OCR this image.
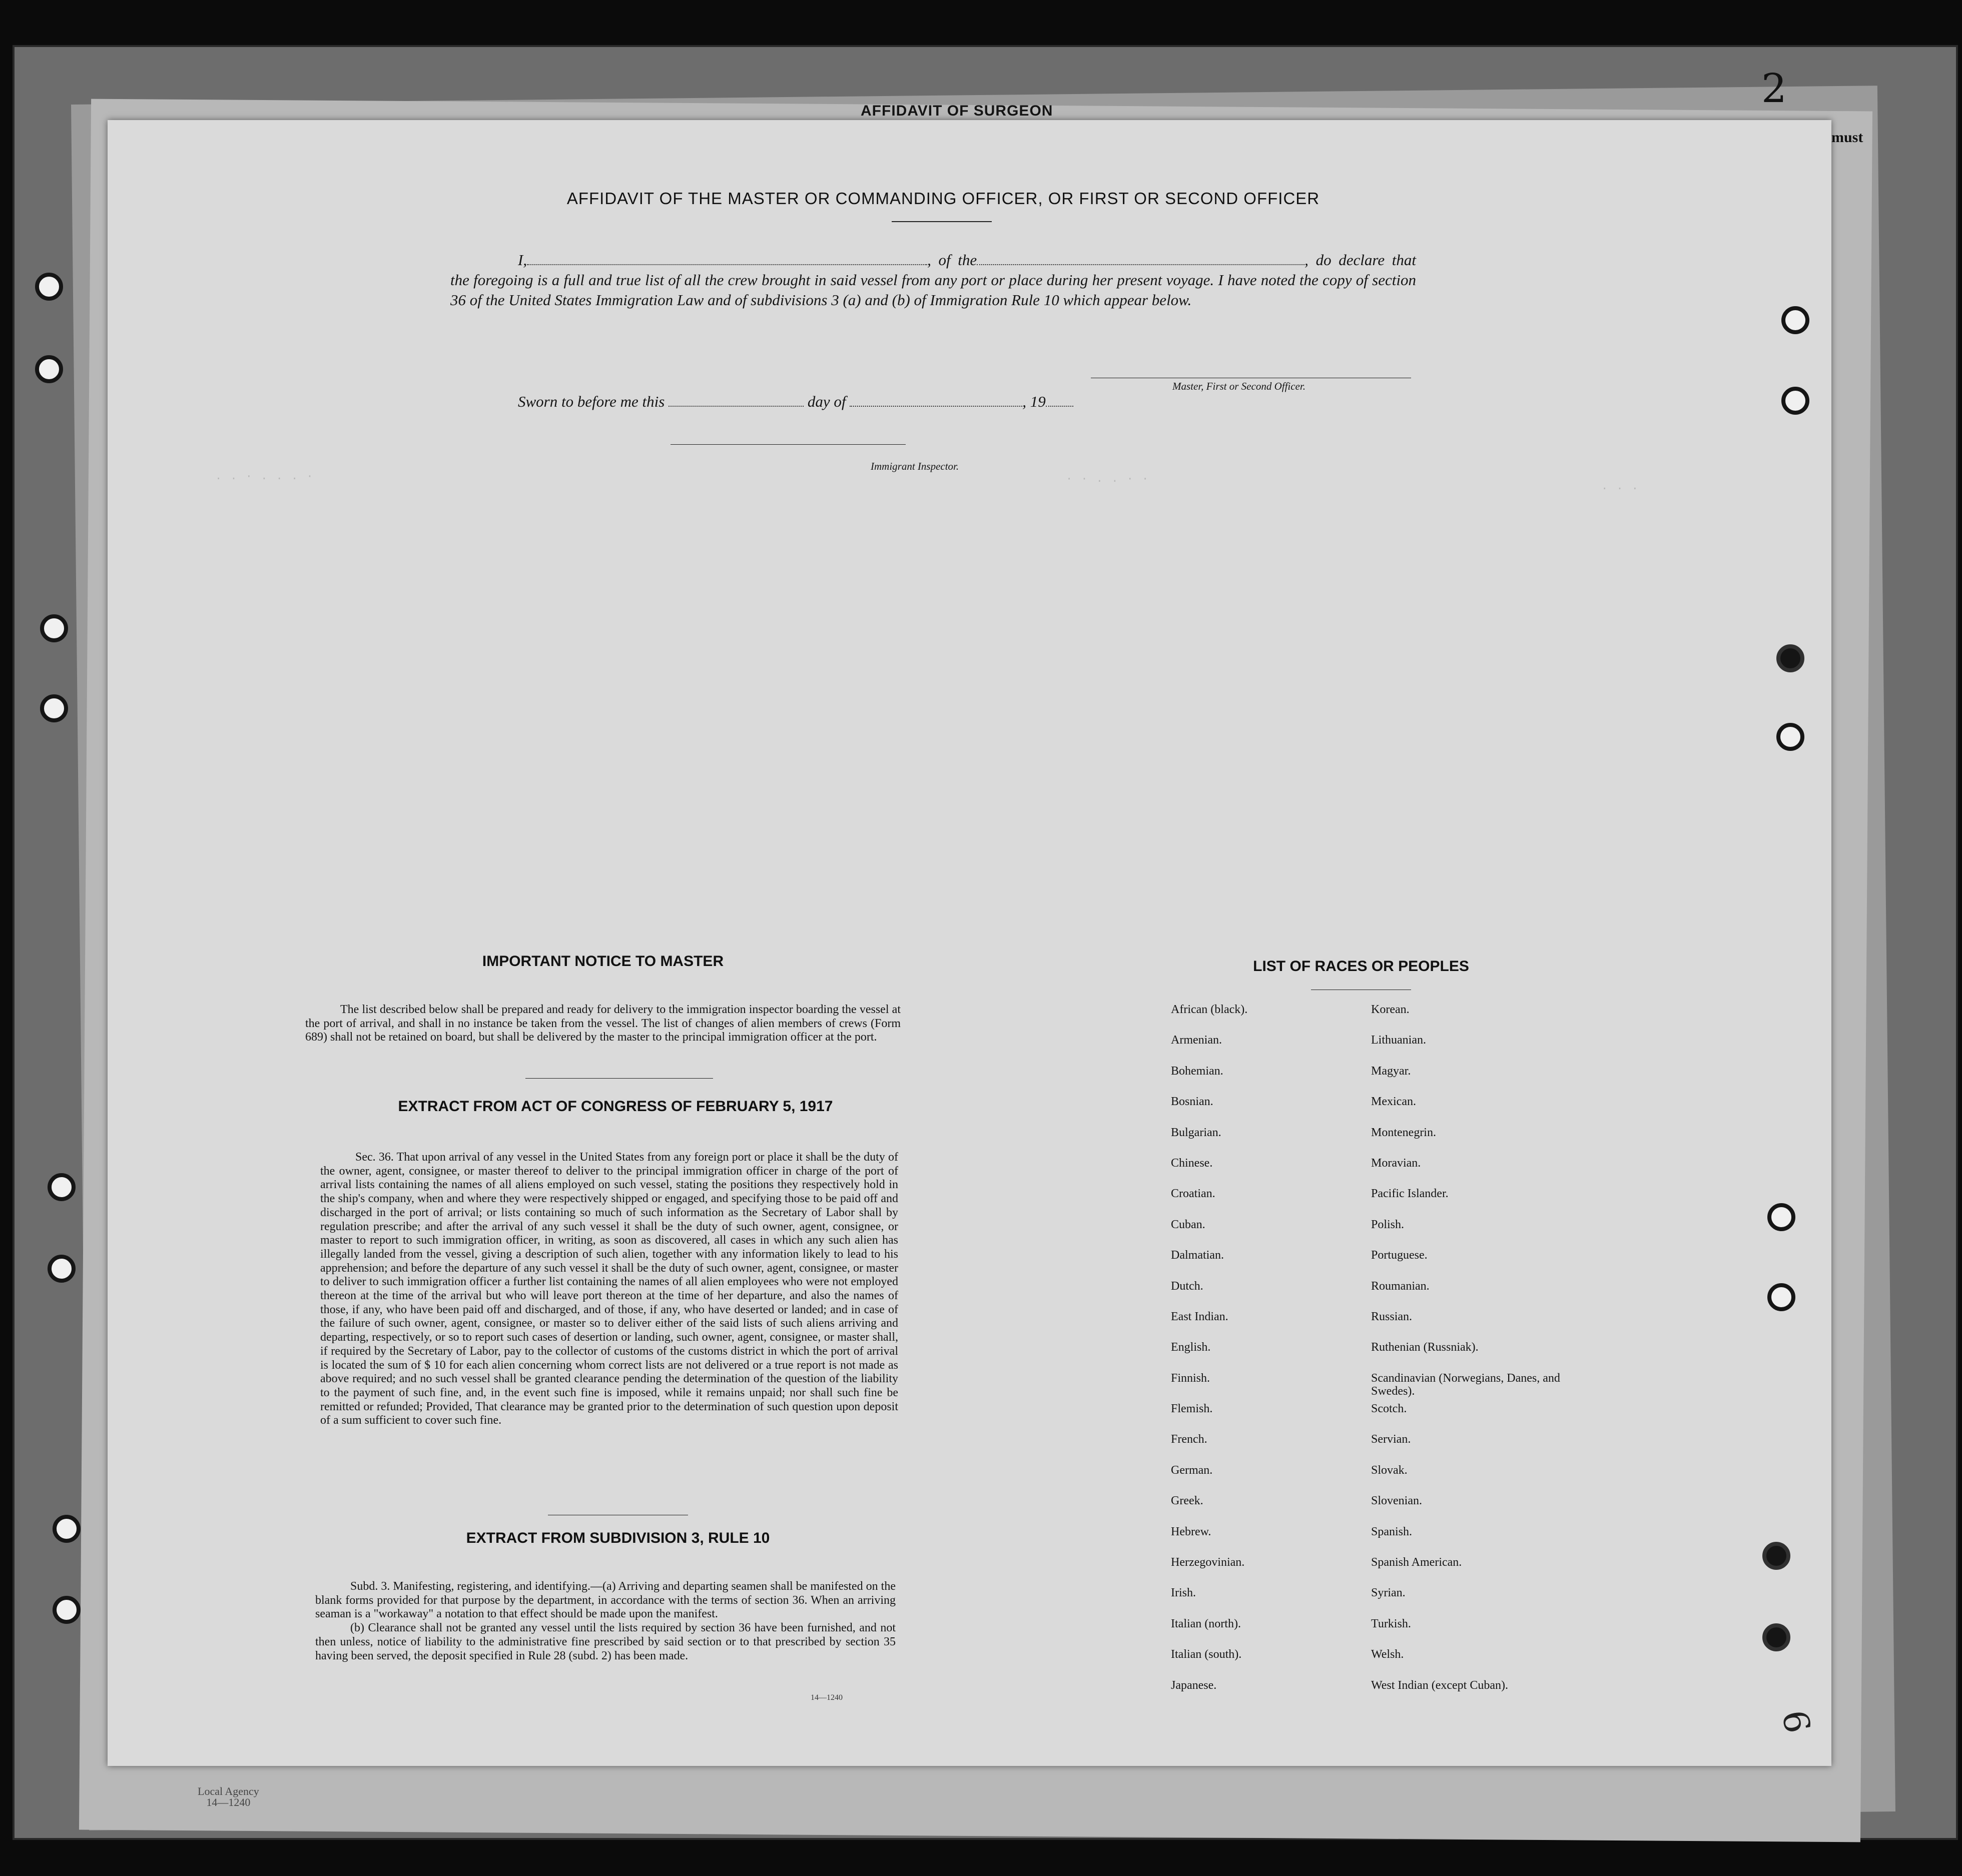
AFFIDAVIT OF SURGEON	2
must
Local Agency
14—1240
AFFIDAVIT OF THE MASTER OR COMMANDING OFFICER, OR FIRST OR SECOND OFFICER
I,	, of the	, do declare that the foregoing is a full and true list of all the crew brought in said vessel from any port or place during her present voyage. I have noted the copy of section 36 of the United States Immigration Law and of subdivisions 3 (a) and (b) of Immigration Rule 10 which appear below.
Master, First or Second Officer.
Sworn to before me this	day of	, 19
Immigrant Inspector.
. . · . . . ·	· · . . · ·
. . .
IMPORTANT NOTICE TO MASTER
The list described below shall be prepared and ready for delivery to the immigration inspector boarding the vessel at the port of arrival, and shall in no instance be taken from the vessel. The list of changes of alien members of crews (Form 689) shall not be retained on board, but shall be delivered by the master to the principal immigration officer at the port.
EXTRACT FROM ACT OF CONGRESS OF FEBRUARY 5, 1917
Sec. 36. That upon arrival of any vessel in the United States from any foreign port or place it shall be the duty of the owner, agent, consignee, or master thereof to deliver to the principal immigration officer in charge of the port of arrival lists containing the names of all aliens employed on such vessel, stating the positions they respectively hold in the ship's company, when and where they were respectively shipped or engaged, and specifying those to be paid off and discharged in the port of arrival; or lists containing so much of such information as the Secretary of Labor shall by regulation prescribe; and after the arrival of any such vessel it shall be the duty of such owner, agent, consignee, or master to report to such immigration officer, in writing, as soon as discovered, all cases in which any such alien has illegally landed from the vessel, giving a description of such alien, together with any information likely to lead to his apprehension; and before the departure of any such vessel it shall be the duty of such owner, agent, consignee, or master to deliver to such immigration officer a further list containing the names of all alien employees who were not employed thereon at the time of the arrival but who will leave port thereon at the time of her departure, and also the names of those, if any, who have been paid off and discharged, and of those, if any, who have deserted or landed; and in case of the failure of such owner, agent, consignee, or master so to deliver either of the said lists of such aliens arriving and departing, respectively, or so to report such cases of desertion or landing, such owner, agent, consignee, or master shall, if required by the Secretary of Labor, pay to the collector of customs of the customs district in which the port of arrival is located the sum of $ 10 for each alien concerning whom correct lists are not delivered or a true report is not made as above required; and no such vessel shall be granted clearance pending the determination of the question of the liability to the payment of such fine, and, in the event such fine is imposed, while it remains unpaid; nor shall such fine be remitted or refunded; Provided, That clearance may be granted prior to the determination of such question upon deposit of a sum sufficient to cover such fine.
EXTRACT FROM SUBDIVISION 3, RULE 10

Subd. 3. Manifesting, registering, and identifying.—(a) Arriving and departing seamen shall be manifested on the blank forms provided for that purpose by the department, in accordance with the terms of section 36. When an arriving seaman is a "workaway" a notation to that effect should be made upon the manifest.

(b) Clearance shall not be granted any vessel until the lists required by section 36 have been furnished, and not then unless, notice of liability to the administrative fine prescribed by said section or to that prescribed by section 35 having been served, the deposit specified in Rule 28 (subd. 2) has been made.

14—1240
LIST OF RACES OR PEOPLES
African (black).	Korean.
Armenian.	Lithuanian.
Bohemian.	Magyar.
Bosnian.	Mexican.
Bulgarian.	Montenegrin.
Chinese.	Moravian.
Croatian.	Pacific Islander.
Cuban.	Polish.
Dalmatian.	Portuguese.
Dutch.	Roumanian.
East Indian.	Russian.
English.	Ruthenian (Russniak).
Finnish.	Scandinavian (Norwegians, Danes, and Swedes).
Flemish.	Scotch.
French.	Servian.
German.	Slovak.
Greek.	Slovenian.
Hebrew.	Spanish.
Herzegovinian.	Spanish American.
Irish.	Syrian.
Italian (north).	Turkish.
Italian (south).	Welsh.
Japanese.	West Indian (except Cuban).
9
